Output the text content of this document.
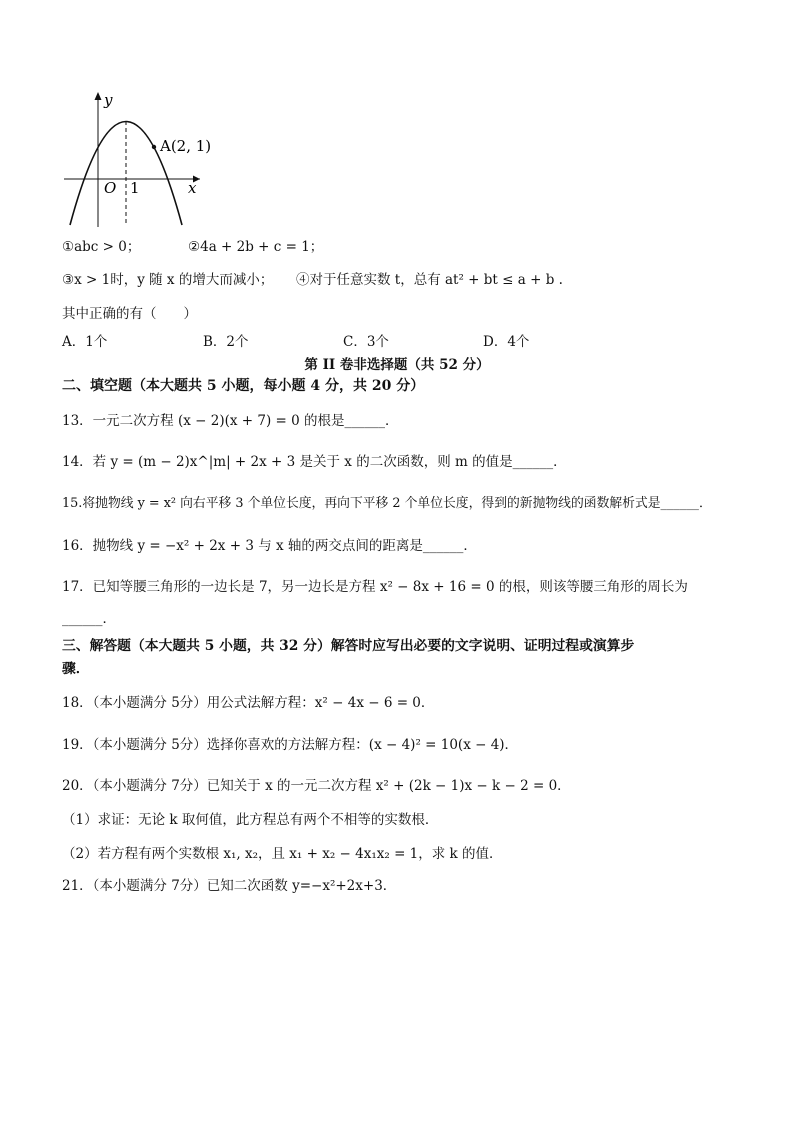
y
x
O 1
A(2, 1)
①abc > 0；	②4a + 2b + c = 1；
③x > 1时，y 随 x 的增大而减小； ④对于任意实数 t，总有 at² + bt ≤ a + b .
其中正确的有（　　）
A．1个	B．2个	C．3个	D．4个
第 II 卷非选择题（共 52 分）
二、填空题（本大题共 5 小题，每小题 4 分，共 20 分）
13．一元二次方程 (x − 2)(x + 7) = 0 的根是______．
14．若 y = (m − 2)x^|m| + 2x + 3 是关于 x 的二次函数，则 m 的值是______．
15.将抛物线 y = x² 向右平移 3 个单位长度，再向下平移 2 个单位长度，得到的新抛物线的函数解析式是______．
16．抛物线 y = −x² + 2x + 3 与 x 轴的两交点间的距离是______．
17．已知等腰三角形的一边长是 7，另一边长是方程 x² − 8x + 16 = 0 的根，则该等腰三角形的周长为
______．
三、解答题（本大题共 5 小题，共 32 分）解答时应写出必要的文字说明、证明过程或演算步
骤．
18．（本小题满分 5分）用公式法解方程：x² − 4x − 6 = 0．
19．（本小题满分 5分）选择你喜欢的方法解方程：(x − 4)² = 10(x − 4)．
20．（本小题满分 7分）已知关于 x 的一元二次方程 x² + (2k − 1)x − k − 2 = 0．
（1）求证：无论 k 取何值，此方程总有两个不相等的实数根．
（2）若方程有两个实数根 x₁, x₂，且 x₁ + x₂ − 4x₁x₂ = 1，求 k 的值．
21．（本小题满分 7分）已知二次函数 y=−x²+2x+3．
